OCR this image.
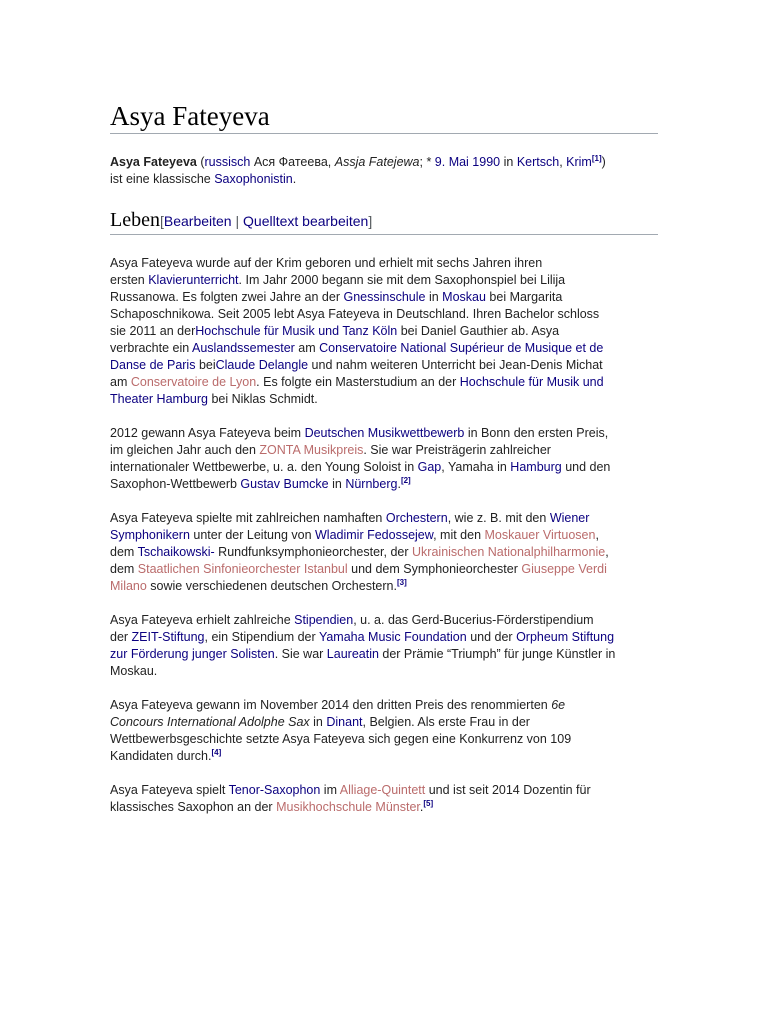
Asya Fateyeva

Asya Fateyeva (russisch Ася Фатеева, Assja Fatejewa; * 9. Mai 1990 in Kertsch, Krim[1])
ist eine klassische Saxophonistin.

Leben[Bearbeiten | Quelltext bearbeiten]

Asya Fateyeva wurde auf der Krim geboren und erhielt mit sechs Jahren ihren
ersten Klavierunterricht. Im Jahr 2000 begann sie mit dem Saxophonspiel bei Lilija
Russanowa. Es folgten zwei Jahre an der Gnessinschule in Moskau bei Margarita
Schaposchnikowa. Seit 2005 lebt Asya Fateyeva in Deutschland. Ihren Bachelor schloss
sie 2011 an derHochschule für Musik und Tanz Köln bei Daniel Gauthier ab. Asya
verbrachte ein Auslandssemester am Conservatoire National Supérieur de Musique et de
Danse de Paris beiClaude Delangle und nahm weiteren Unterricht bei Jean-Denis Michat
am Conservatoire de Lyon. Es folgte ein Masterstudium an der Hochschule für Musik und
Theater Hamburg bei Niklas Schmidt.

2012 gewann Asya Fateyeva beim Deutschen Musikwettbewerb in Bonn den ersten Preis,
im gleichen Jahr auch den ZONTA Musikpreis. Sie war Preisträgerin zahlreicher
internationaler Wettbewerbe, u. a. den Young Soloist in Gap, Yamaha in Hamburg und den
Saxophon-Wettbewerb Gustav Bumcke in Nürnberg.[2]

Asya Fateyeva spielte mit zahlreichen namhaften Orchestern, wie z. B. mit den Wiener
Symphonikern unter der Leitung von Wladimir Fedossejew, mit den Moskauer Virtuosen,
dem Tschaikowski- Rundfunksymphonieorchester, der Ukrainischen Nationalphilharmonie,
dem Staatlichen Sinfonieorchester Istanbul und dem Symphonieorchester Giuseppe Verdi
Milano sowie verschiedenen deutschen Orchestern.[3]

Asya Fateyeva erhielt zahlreiche Stipendien, u. a. das Gerd-Bucerius-Förderstipendium
der ZEIT-Stiftung, ein Stipendium der Yamaha Music Foundation und der Orpheum Stiftung
zur Förderung junger Solisten. Sie war Laureatin der Prämie “Triumph” für junge Künstler in
Moskau.

Asya Fateyeva gewann im November 2014 den dritten Preis des renommierten 6e
Concours International Adolphe Sax in Dinant, Belgien. Als erste Frau in der
Wettbewerbsgeschichte setzte Asya Fateyeva sich gegen eine Konkurrenz von 109
Kandidaten durch.[4]

Asya Fateyeva spielt Tenor-Saxophon im Alliage-Quintett und ist seit 2014 Dozentin für
klassisches Saxophon an der Musikhochschule Münster.[5]
